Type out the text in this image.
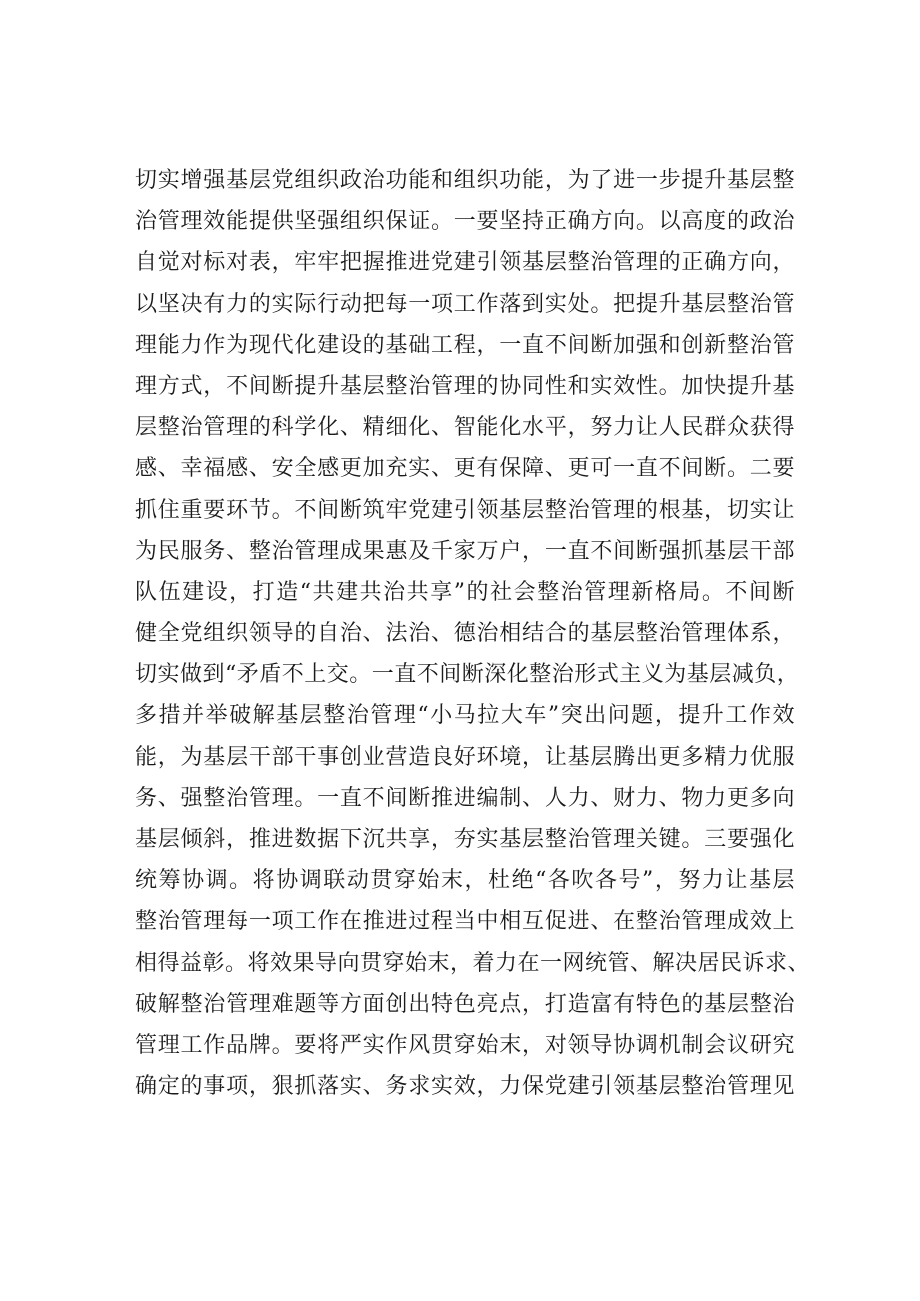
切实增强基层党组织政治功能和组织功能，为了进一步提升基层整
治管理效能提供坚强组织保证。一要坚持正确方向。以高度的政治
自觉对标对表，牢牢把握推进党建引领基层整治管理的正确方向，
以坚决有力的实际行动把每一项工作落到实处。把提升基层整治管
理能力作为现代化建设的基础工程，一直不间断加强和创新整治管
理方式，不间断提升基层整治管理的协同性和实效性。加快提升基
层整治管理的科学化、精细化、智能化水平，努力让人民群众获得
感、幸福感、安全感更加充实、更有保障、更可一直不间断。二要
抓住重要环节。不间断筑牢党建引领基层整治管理的根基，切实让
为民服务、整治管理成果惠及千家万户，一直不间断强抓基层干部
队伍建设，打造“共建共治共享”的社会整治管理新格局。不间断
健全党组织领导的自治、法治、德治相结合的基层整治管理体系，
切实做到“矛盾不上交。一直不间断深化整治形式主义为基层减负，
多措并举破解基层整治管理“小马拉大车”突出问题，提升工作效
能，为基层干部干事创业营造良好环境，让基层腾出更多精力优服
务、强整治管理。一直不间断推进编制、人力、财力、物力更多向
基层倾斜，推进数据下沉共享，夯实基层整治管理关键。三要强化
统筹协调。将协调联动贯穿始末，杜绝“各吹各号”，努力让基层
整治管理每一项工作在推进过程当中相互促进、在整治管理成效上
相得益彰。将效果导向贯穿始末，着力在一网统管、解决居民诉求、
破解整治管理难题等方面创出特色亮点，打造富有特色的基层整治
管理工作品牌。要将严实作风贯穿始末，对领导协调机制会议研究
确定的事项，狠抓落实、务求实效，力保党建引领基层整治管理见
